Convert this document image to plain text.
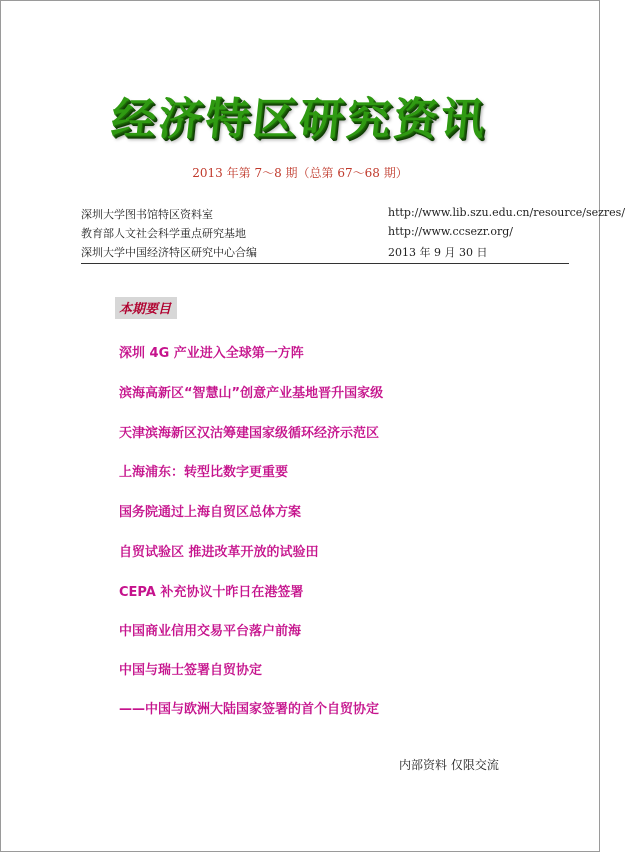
经济特区研究资讯
2013 年第 7～8 期（总第 67～68 期）
深圳大学图书馆特区资料室	http://www.lib.szu.edu.cn/resource/sezres/
教育部人文社会科学重点研究基地	http://www.ccsezr.org/
深圳大学中国经济特区研究中心合编	2013 年 9 月 30 日
本期要目
深圳 4G 产业进入全球第一方阵
滨海高新区“智慧山”创意产业基地晋升国家级
天津滨海新区汉沽筹建国家级循环经济示范区
上海浦东：转型比数字更重要
国务院通过上海自贸区总体方案
自贸试验区 推进改革开放的试验田
CEPA 补充协议十昨日在港签署
中国商业信用交易平台落户前海
中国与瑞士签署自贸协定
——中国与欧洲大陆国家签署的首个自贸协定
内部资料 仅限交流
